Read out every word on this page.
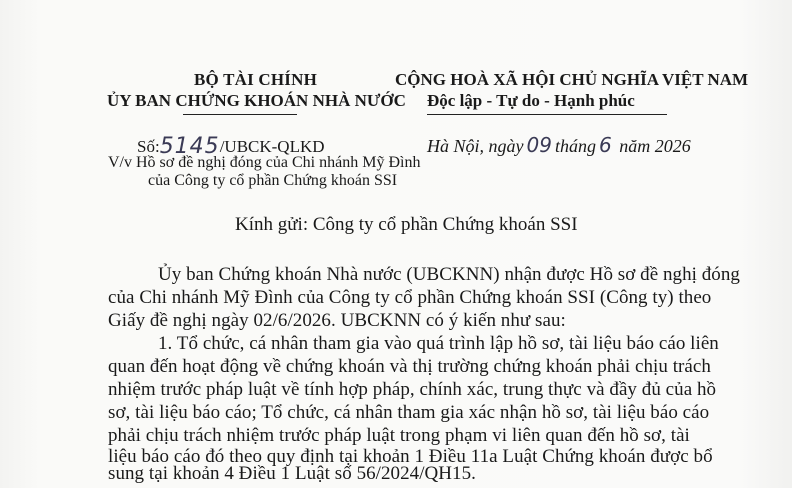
BỘ TÀI CHÍNH
ỦY BAN CHỨNG KHOÁN NHÀ NƯỚC
Số:5145/UBCK-QLKD
V/v Hồ sơ đề nghị đóng của Chi nhánh Mỹ Đình
của Công ty cổ phần Chứng khoán SSI
CỘNG HOÀ XÃ HỘI CHỦ NGHĨA VIỆT NAM
Độc lập - Tự do - Hạnh phúc
Hà Nội, ngày 09 tháng 6 năm 2026
Kính gửi: Công ty cổ phần Chứng khoán SSI
Ủy ban Chứng khoán Nhà nước (UBCKNN) nhận được Hồ sơ đề nghị đóng
của Chi nhánh Mỹ Đình của Công ty cổ phần Chứng khoán SSI (Công ty) theo
Giấy đề nghị ngày 02/6/2026. UBCKNN có ý kiến như sau:
1. Tổ chức, cá nhân tham gia vào quá trình lập hồ sơ, tài liệu báo cáo liên
quan đến hoạt động về chứng khoán và thị trường chứng khoán phải chịu trách
nhiệm trước pháp luật về tính hợp pháp, chính xác, trung thực và đầy đủ của hồ
sơ, tài liệu báo cáo; Tổ chức, cá nhân tham gia xác nhận hồ sơ, tài liệu báo cáo
phải chịu trách nhiệm trước pháp luật trong phạm vi liên quan đến hồ sơ, tài
liệu báo cáo đó theo quy định tại khoản 1 Điều 11a Luật Chứng khoán được bổ
sung tại khoản 4 Điều 1 Luật số 56/2024/QH15.
